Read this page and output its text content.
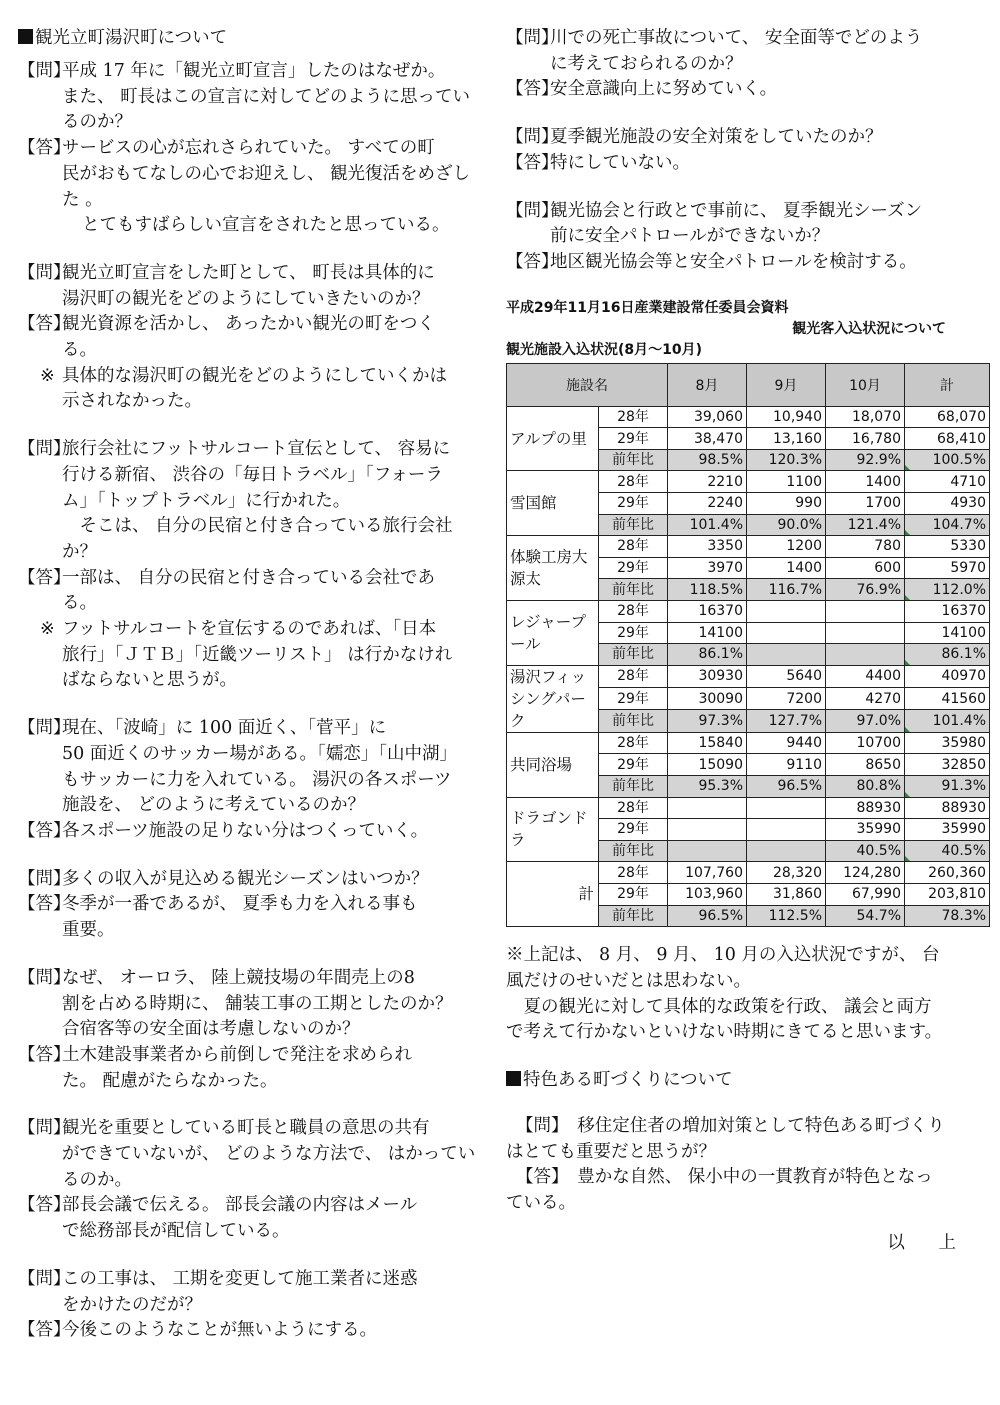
観光立町湯沢町について
【問】
平成 17 年に「観光立町宣言」したのはなぜか。
また、 町長はこの宣言に対してどのように思ってい
るのか？
【答】
サービスの心が忘れさられていた。 すべての町
民がおもてなしの心でお迎えし、 観光復活をめざし
た 。
とてもすばらしい宣言をされたと思っている。
【問】
観光立町宣言をした町として、 町長は具体的に
湯沢町の観光をどのようにしていきたいのか？
【答】
観光資源を活かし、 あったかい観光の町をつく
る。
※ 具体的な湯沢町の観光をどのようにしていくかは
示されなかった。
【問】
旅行会社にフットサルコート宣伝として、 容易に
行ける新宿、 渋谷の「毎日トラベル」「フォーラ
ム」「トップトラベル」に行かれた。
　そこは、 自分の民宿と付き合っている旅行会社
か？
【答】
一部は、 自分の民宿と付き合っている会社であ
る。
※ フットサルコートを宣伝するのであれば、「日本
旅行」「ＪＴＢ」「近畿ツーリスト」 は行かなけれ
ばならないと思うが。
【問】
現在、「波崎」に 100 面近く、「菅平」に
50 面近くのサッカー場がある。「嬬恋」「山中湖」
もサッカーに力を入れている。 湯沢の各スポーツ
施設を、 どのように考えているのか？
【答】
各スポーツ施設の足りない分はつくっていく。
【問】
多くの収入が見込める観光シーズンはいつか？
【答】
冬季が一番であるが、 夏季も力を入れる事も
重要。
【問】
なぜ、 オーロラ、 陸上競技場の年間売上の8
割を占める時期に、 舗装工事の工期としたのか？
合宿客等の安全面は考慮しないのか？
【答】
土木建設事業者から前倒しで発注を求められ
た。 配慮がたらなかった。
【問】
観光を重要としている町長と職員の意思の共有
ができていないが、 どのような方法で、 はかってい
るのか。
【答】
部長会議で伝える。 部長会議の内容はメール
で総務部長が配信している。
【問】
この工事は、 工期を変更して施工業者に迷惑
をかけたのだが？
【答】
今後このようなことが無いようにする。
【問】
川での死亡事故について、 安全面等でどのよう
に考えておられるのか？
【答】
安全意識向上に努めていく。
【問】
夏季観光施設の安全対策をしていたのか？
【答】
特にしていない。
【問】
観光協会と行政とで事前に、 夏季観光シーズン
前に安全パトロールができないか？
【答】
地区観光協会等と安全パトロールを検討する。
平成29年11月16日産業建設常任委員会資料
観光客入込状況について
観光施設入込状況(8月～10月)
施設名		8月	9月	10月	計
アルプの里	28年	39,060	10,940	18,070	68,070
	29年	38,470	13,160	16,780	68,410
	前年比	98.5%	120.3%	92.9%	100.5%
雪国館	28年	2210	1100	1400	4710
	29年	2240	990	1700	4930
	前年比	101.4%	90.0%	121.4%	104.7%
体験工房大源太	28年	3350	1200	780	5330
	29年	3970	1400	600	5970
	前年比	118.5%	116.7%	76.9%	112.0%
レジャープール	28年	16370			16370
	29年	14100			14100
	前年比	86.1%			86.1%
湯沢フィッシングパーク	28年	30930	5640	4400	40970
	29年	30090	7200	4270	41560
	前年比	97.3%	127.7%	97.0%	101.4%
共同浴場	28年	15840	9440	10700	35980
	29年	15090	9110	8650	32850
	前年比	95.3%	96.5%	80.8%	91.3%
ドラゴンドラ	28年			88930	88930
	29年			35990	35990
	前年比			40.5%	40.5%
計	28年	107,760	28,320	124,280	260,360
	29年	103,960	31,860	67,990	203,810
	前年比	96.5%	112.5%	54.7%	78.3%
※上記は、 8 月、 9 月、 10 月の入込状況ですが、 台
風だけのせいだとは思わない。
　夏の観光に対して具体的な政策を行政、 議会と両方
で考えて行かないといけない時期にきてると思います。
特色ある町づくりについて
【問】　 移住定住者の増加対策として特色ある町づくり
はとても重要だと思うが？
【答】　 豊かな自然、 保小中の一貫教育が特色となっ
ている。
以 上
